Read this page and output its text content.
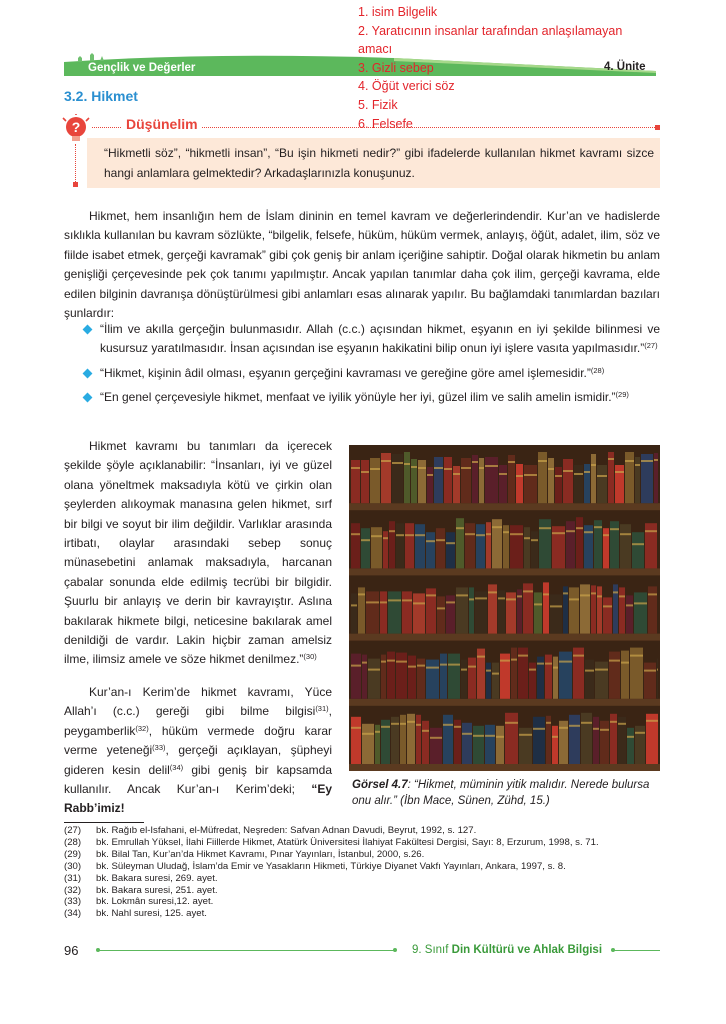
Gençlik ve Değerler	4. Ünite
1. isim Bilgelik
2. Yaratıcının insanlar tarafından anlaşılamayan amacı
3. Gizli sebep
4. Öğüt verici söz
5. Fizik
6. Felsefe
3.2. Hikmet
?	Düşünelim
“Hikmetli söz”, “hikmetli insan”, “Bu işin hikmeti nedir?” gibi ifadelerde kullanılan hikmet kavramı sizce hangi anlamlara gelmektedir? Arkadaşlarınızla konuşunuz.
Hikmet, hem insanlığın hem de İslam dininin en temel kavram ve değerlerindendir. Kur’an ve hadislerde sıklıkla kullanılan bu kavram sözlükte, “bilgelik, felsefe, hüküm, hüküm vermek, anlayış, öğüt, adalet, ilim, söz ve fiilde isabet etmek, gerçeği kavramak” gibi çok geniş bir anlam içeriğine sahiptir. Doğal olarak hikmetin bu anlam genişliği çerçevesinde pek çok tanımı yapılmıştır. Ancak yapılan tanımlar daha çok ilim, gerçeği kavrama, elde edilen bilginin davranışa dönüştürülmesi gibi anlamları esas alınarak yapılır. Bu bağlamdaki tanımlardan bazıları şunlardır:
“İlim ve akılla gerçeğin bulunmasıdır. Allah (c.c.) açısından hikmet, eşyanın en iyi şekilde bilinmesi ve kusursuz yaratılmasıdır. İnsan açısından ise eşyanın hakikatini bilip onun iyi işlere vasıta yapılmasıdır.”$^{(27)}$
“Hikmet, kişinin âdil olması, eşyanın gerçeğini kavraması ve gereğine göre amel işlemesidir.”$^{(28)}$
“En genel çerçevesiyle hikmet, menfaat ve iyilik yönüyle her iyi, güzel ilim ve salih amelin ismidir.”$^{(29)}$

Hikmet kavramı bu tanımları da içerecek şekilde şöyle açıklanabilir: “İnsanları, iyi ve güzel olana yöneltmek maksadıyla kötü ve çirkin olan şeylerden alıkoymak manasına gelen hikmet, sırf bir bilgi ve soyut bir ilim değildir. Varlıklar arasında irtibatı, olaylar arasındaki sebep sonuç münasebetini anlamak maksadıyla, harcanan çabalar sonunda elde edilmiş tecrübi bir bilgidir. Şuurlu bir anlayış ve derin bir kavrayıştır. Aslına bakılarak hikmete bilgi, neticesine bakılarak amel denildiği de vardır. Lakin hiçbir zaman amelsiz ilme, ilimsiz amele ve söze hikmet denilmez.”$^{(30)}$

Kur’an-ı Kerim’de hikmet kavramı, Yüce Allah’ı (c.c.) gereği gibi bilme bilgisi$^{(31)}$, peygamberlik$^{(32)}$, hüküm vermede doğru karar verme yeteneği$^{(33)}$, gerçeği açıklayan, şüpheyi gideren kesin delil$^{(34)}$ gibi geniş bir kapsamda kullanılır. Ancak Kur’an-ı Kerim’deki; “Ey Rabb’imiz!

Görsel 4.7: “Hikmet, müminin yitik malıdır. Nerede bulursa onu alır.” (İbn Mace, Sünen, Zühd, 15.)
(27) bk. Rağıb el-Isfahani, el-Müfredat, Neşreden: Safvan Adnan Davudi, Beyrut, 1992, s. 127.
(28) bk. Emrullah Yüksel, İlahi Fiillerde Hikmet, Atatürk Üniversitesi İlahiyat Fakültesi Dergisi, Sayı: 8, Erzurum, 1998, s. 71.
(29) bk. Bilal Tan, Kur’an’da Hikmet Kavramı, Pınar Yayınları, İstanbul, 2000, s.26.
(30) bk. Süleyman Uludağ, İslam’da Emir ve Yasakların Hikmeti, Türkiye Diyanet Vakfı Yayınları, Ankara, 1997, s. 8.
(31) bk. Bakara suresi, 269. ayet.
(32) bk. Bakara suresi, 251. ayet.
(33) bk. Lokmân suresi,12. ayet.
(34) bk. Nahl suresi, 125. ayet.
96	9. Sınıf Din Kültürü ve Ahlak Bilgisi
